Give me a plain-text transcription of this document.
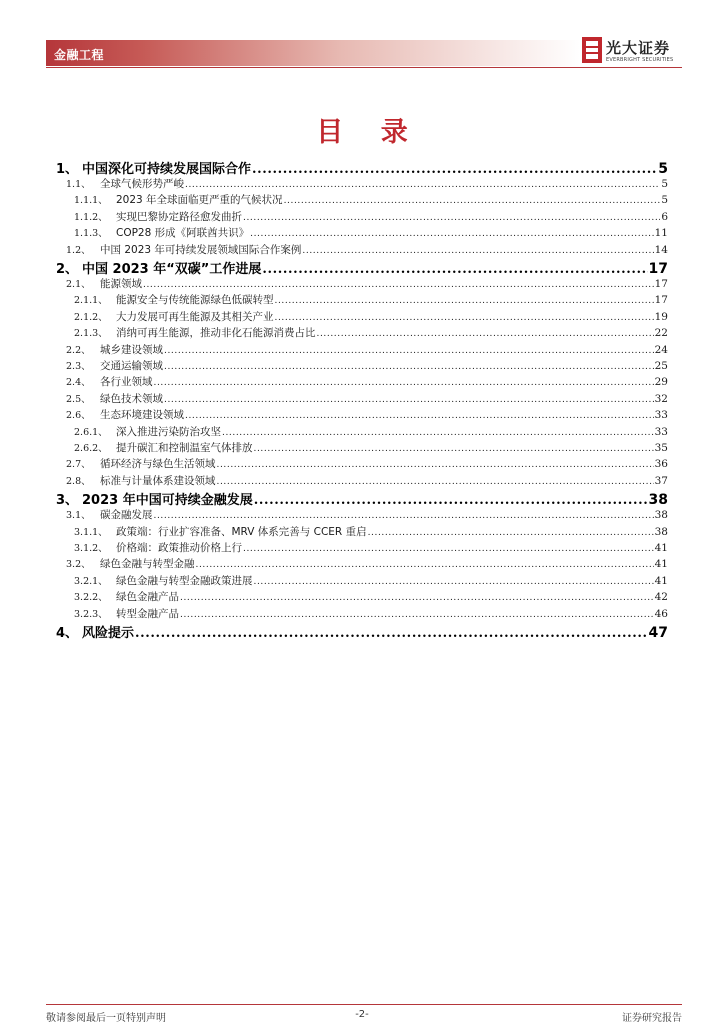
金融工程	光大证券
EVERBRIGHT SECURITIES
目 录
1、 中国深化可持续发展国际合作 .....	5
1.1、 全球气候形势严峻 .....	5
1.1.1、 2023 年全球面临更严重的气候状况 .....	5
1.1.2、 实现巴黎协定路径愈发曲折 .....	6
1.1.3、 COP28 形成《阿联酋共识》 .....	11
1.2、 中国 2023 年可持续发展领域国际合作案例 .....	14
2、 中国 2023 年“双碳”工作进展 .....	17
2.1、 能源领域 .....	17
2.1.1、 能源安全与传统能源绿色低碳转型 .....	17
2.1.2、 大力发展可再生能源及其相关产业 .....	19
2.1.3、 消纳可再生能源，推动非化石能源消费占比 .....	22
2.2、 城乡建设领域 .....	24
2.3、 交通运输领域 .....	25
2.4、 各行业领域 .....	29
2.5、 绿色技术领域 .....	32
2.6、 生态环境建设领域 .....	33
2.6.1、 深入推进污染防治攻坚 .....	33
2.6.2、 提升碳汇和控制温室气体排放 .....	35
2.7、 循环经济与绿色生活领域 .....	36
2.8、 标准与计量体系建设领域 .....	37
3、 2023 年中国可持续金融发展 .....	38
3.1、 碳金融发展 .....	38
3.1.1、 政策端：行业扩容准备、MRV 体系完善与 CCER 重启 .....	38
3.1.2、 价格端：政策推动价格上行 .....	41
3.2、 绿色金融与转型金融 .....	41
3.2.1、 绿色金融与转型金融政策进展 .....	41
3.2.2、 绿色金融产品 .....	42
3.2.3、 转型金融产品 .....	46
4、 风险提示 .....	47
敬请参阅最后一页特别声明	-2-	证券研究报告
